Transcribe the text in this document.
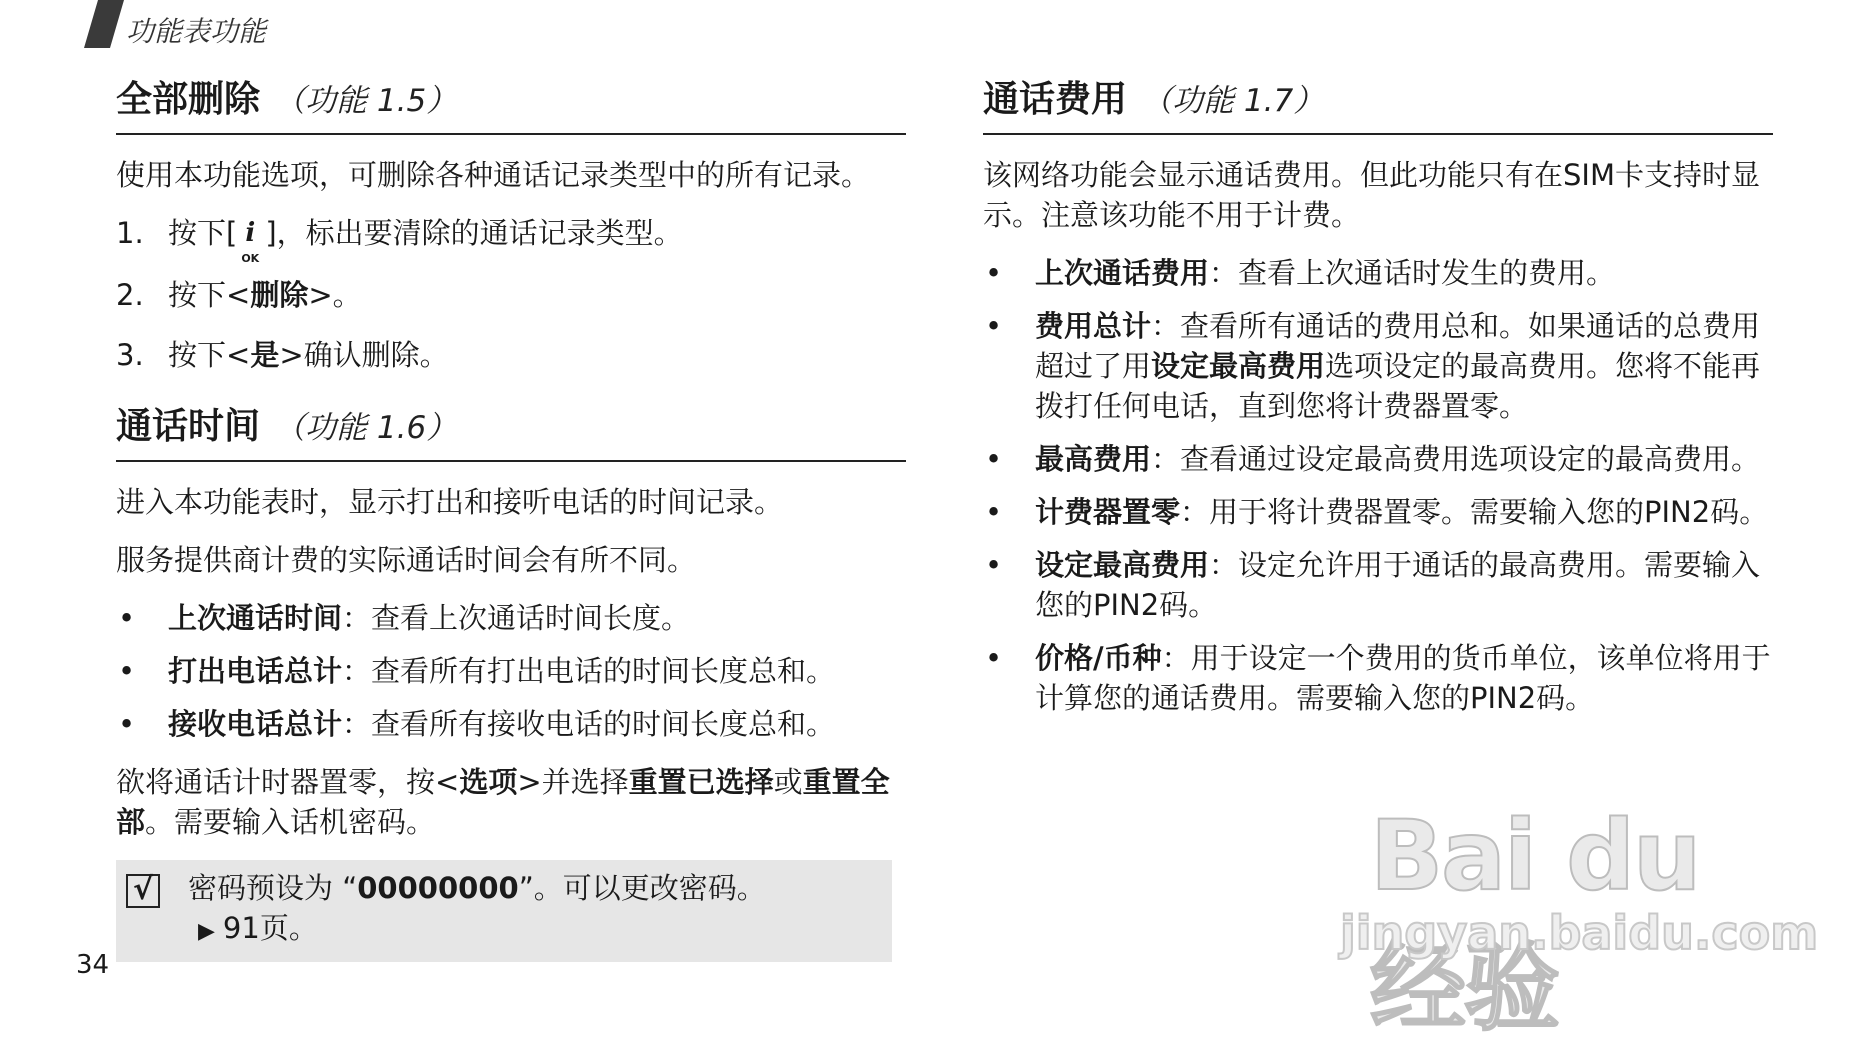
功能表功能
全部删除 （功能 1.5）

使用本功能选项，可删除各种通话记录类型中的所有记录。

1. 按下[ i
OK
]，标出要清除的通话记录类型。
2. 按下<删除>。
3. 按下<是>确认删除。
通话时间 （功能 1.6）

进入本功能表时，显示打出和接听电话的时间记录。

服务提供商计费的实际通话时间会有所不同。

• 上次通话时间：查看上次通话时间长度。
• 打出电话总计：查看所有打出电话的时间长度总和。
• 接收电话总计：查看所有接收电话的时间长度总和。

欲将通话计时器置零，按<选项>并选择重置已选择或重置全部。需要输入话机密码。

√ 密码预设为 “00000000”。可以更改密码。
▶ 91页。
通话费用 （功能 1.7）

该网络功能会显示通话费用。但此功能只有在SIM卡支持时显示。注意该功能不用于计费。

• 上次通话费用：查看上次通话时发生的费用。
• 费用总计：查看所有通话的费用总和。如果通话的总费用超过了用设定最高费用选项设定的最高费用。您将不能再拨打任何电话，直到您将计费器置零。
• 最高费用：查看通过设定最高费用选项设定的最高费用。
• 计费器置零：用于将计费器置零。需要输入您的PIN2码。
• 设定最高费用：设定允许用于通话的最高费用。需要输入您的PIN2码。
• 价格/币种：用于设定一个费用的货币单位，该单位将用于计算您的通话费用。需要输入您的PIN2码。
34
Bai du 经验
jingyan.baidu.com
